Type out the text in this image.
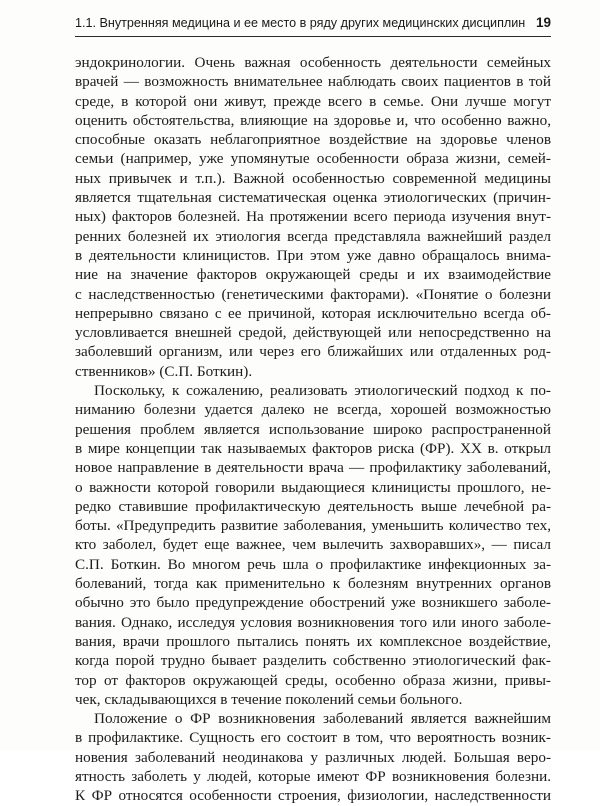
1.1. Внутренняя медицина и ее место в ряду других медицинских дисциплин 19
эндокринологии. Очень важная особенность деятельности семейных
врачей — возможность внимательнее наблюдать своих пациентов в той
среде, в которой они живут, прежде всего в семье. Они лучше могут
оценить обстоятельства, влияющие на здоровье и, что особенно важно,
способные оказать неблагоприятное воздействие на здоровье членов
семьи (например, уже упомянутые особенности образа жизни, семей-
ных привычек и т.п.). Важной особенностью современной медицины
является тщательная систематическая оценка этиологических (причин-
ных) факторов болезней. На протяжении всего периода изучения внут-
ренних болезней их этиология всегда представляла важнейший раздел
в деятельности клиницистов. При этом уже давно обращалось внима-
ние на значение факторов окружающей среды и их взаимодействие
с наследственностью (генетическими факторами). «Понятие о болезни
непрерывно связано с ее причиной, которая исключительно всегда об-
условливается внешней средой, действующей или непосредственно на
заболевший организм, или через его ближайших или отдаленных род-
ственников» (С.П. Боткин).
Поскольку, к сожалению, реализовать этиологический подход к по-
ниманию болезни удается далеко не всегда, хорошей возможностью
решения проблем является использование широко распространенной
в мире концепции так называемых факторов риска (ФР). XX в. открыл
новое направление в деятельности врача — профилактику заболеваний,
о важности которой говорили выдающиеся клиницисты прошлого, не-
редко ставившие профилактическую деятельность выше лечебной ра-
боты. «Предупредить развитие заболевания, уменьшить количество тех,
кто заболел, будет еще важнее, чем вылечить захворавших», — писал
С.П. Боткин. Во многом речь шла о профилактике инфекционных за-
болеваний, тогда как применительно к болезням внутренних органов
обычно это было предупреждение обострений уже возникшего заболе-
вания. Однако, исследуя условия возникновения того или иного заболе-
вания, врачи прошлого пытались понять их комплексное воздействие,
когда порой трудно бывает разделить собственно этиологический фак-
тор от факторов окружающей среды, особенно образа жизни, привы-
чек, складывающихся в течение поколений семьи больного.
Положение о ФР возникновения заболеваний является важнейшим
в профилактике. Сущность его состоит в том, что вероятность возник-
новения заболеваний неодинакова у различных людей. Большая веро-
ятность заболеть у людей, которые имеют ФР возникновения болезни.
К ФР относятся особенности строения, физиологии, наследственности
